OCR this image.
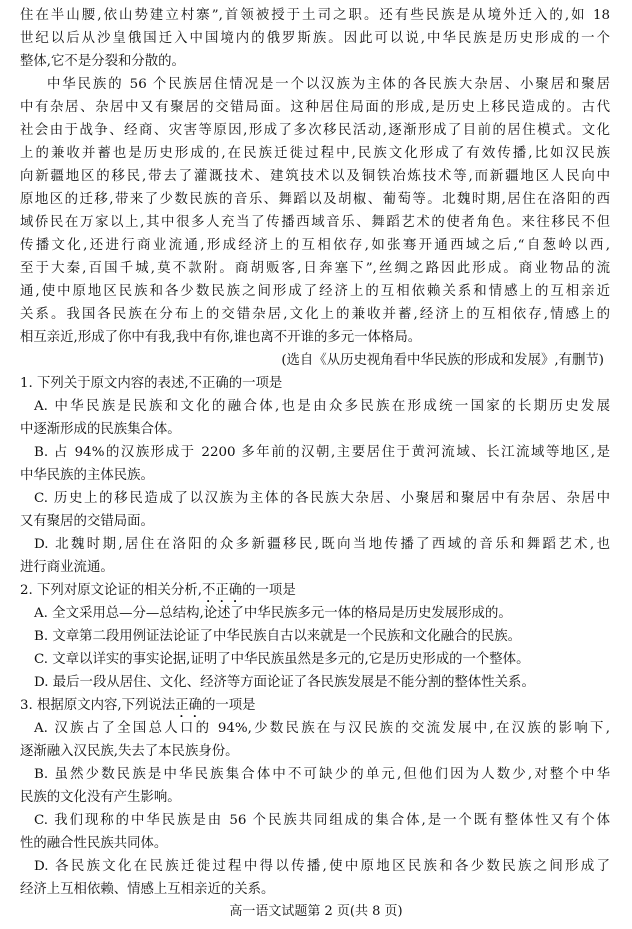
住在半山腰,依山势建立村寨”,首领被授于土司之职。还有些民族是从境外迁入的,如 18
世纪以后从沙皇俄国迁入中国境内的俄罗斯族。因此可以说,中华民族是历史形成的一个
整体,它不是分裂和分散的。
中华民族的 56 个民族居住情况是一个以汉族为主体的各民族大杂居、小聚居和聚居
中有杂居、杂居中又有聚居的交错局面。这种居住局面的形成,是历史上移民造成的。古代
社会由于战争、经商、灾害等原因,形成了多次移民活动,逐渐形成了目前的居住模式。文化
上的兼收并蓄也是历史形成的,在民族迁徙过程中,民族文化形成了有效传播,比如汉民族
向新疆地区的移民,带去了灌溉技术、建筑技术以及铜铁冶炼技术等,而新疆地区人民向中
原地区的迁移,带来了少数民族的音乐、舞蹈以及胡椒、葡萄等。北魏时期,居住在洛阳的西
域侨民在万家以上,其中很多人充当了传播西域音乐、舞蹈艺术的使者角色。来往移民不但
传播文化,还进行商业流通,形成经济上的互相依存,如张骞开通西域之后,“自葱岭以西,
至于大秦,百国千城,莫不款附。商胡贩客,日奔塞下”,丝绸之路因此形成。商业物品的流
通,使中原地区民族和各少数民族之间形成了经济上的互相依赖关系和情感上的互相亲近
关系。我国各民族在分布上的交错杂居,文化上的兼收并蓄,经济上的互相依存,情感上的
相互亲近,形成了你中有我,我中有你,谁也离不开谁的多元一体格局。
(选自《从历史视角看中华民族的形成和发展》,有删节)
1. 下列关于原文内容的表述,不正确的一项是
A. 中华民族是民族和文化的融合体,也是由众多民族在形成统一国家的长期历史发展
中逐渐形成的民族集合体。
B. 占 94%的汉族形成于 2200 多年前的汉朝,主要居住于黄河流域、长江流域等地区,是
中华民族的主体民族。
C. 历史上的移民造成了以汉族为主体的各民族大杂居、小聚居和聚居中有杂居、杂居中
又有聚居的交错局面。
D. 北魏时期,居住在洛阳的众多新疆移民,既向当地传播了西域的音乐和舞蹈艺术,也
进行商业流通。
2. 下列对原文论证的相关分析,不正确的一项是
A. 全文采用总—分—总结构,论述了中华民族多元一体的格局是历史发展形成的。
B. 文章第二段用例证法论证了中华民族自古以来就是一个民族和文化融合的民族。
C. 文章以详实的事实论据,证明了中华民族虽然是多元的,它是历史形成的一个整体。
D. 最后一段从居住、文化、经济等方面论证了各民族发展是不能分割的整体性关系。
3. 根据原文内容,下列说法正确的一项是
A. 汉族占了全国总人口的 94%,少数民族在与汉民族的交流发展中,在汉族的影响下,
逐渐融入汉民族,失去了本民族身份。
B. 虽然少数民族是中华民族集合体中不可缺少的单元,但他们因为人数少,对整个中华
民族的文化没有产生影响。
C. 我们现称的中华民族是由 56 个民族共同组成的集合体,是一个既有整体性又有个体
性的融合性民族共同体。
D. 各民族文化在民族迁徙过程中得以传播,使中原地区民族和各少数民族之间形成了
经济上互相依赖、情感上互相亲近的关系。
高一语文试题第 2 页(共 8 页)
